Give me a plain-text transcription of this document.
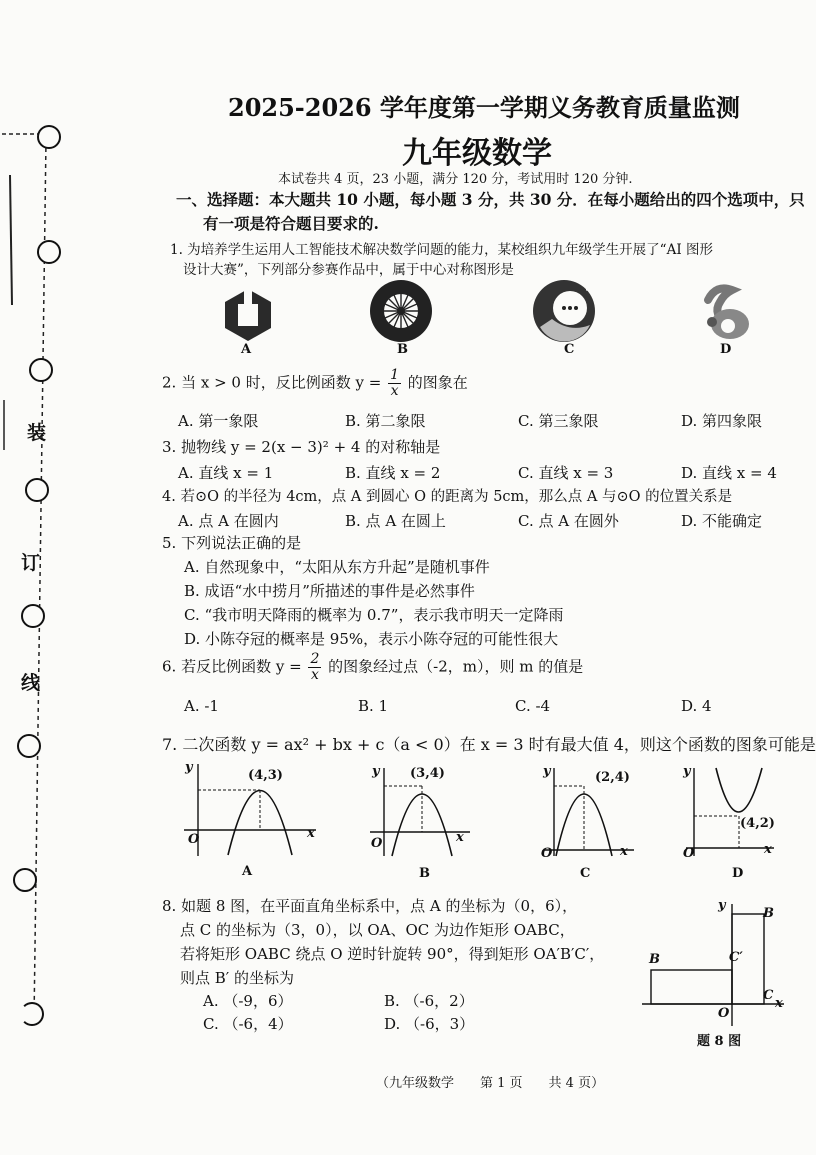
装
订
线
2025-2026 学年度第一学期义务教育质量监测
九年级数学
本试卷共 4 页，23 小题，满分 120 分，考试用时 120 分钟.
一、选择题：本大题共 10 小题，每小题 3 分，共 30 分．在每小题给出的四个选项中，只
有一项是符合题目要求的.
1. 为培养学生运用人工智能技术解决数学问题的能力，某校组织九年级学生开展了“AI 图形
设计大赛”，下列部分参赛作品中，属于中心对称图形是
A	B	C	D
2. 当 x > 0 时，反比例函数 $y = \frac{1}{x}$ 的图象在
A. 第一象限	B. 第二象限	C. 第三象限	D. 第四象限
3. 抛物线 y = 2(x − 3)² + 4 的对称轴是
A. 直线 x = 1	B. 直线 x = 2	C. 直线 x = 3	D. 直线 x = 4
4. 若⊙O 的半径为 4cm，点 A 到圆心 O 的距离为 5cm，那么点 A 与⊙O 的位置关系是
A. 点 A 在圆内	B. 点 A 在圆上	C. 点 A 在圆外	D. 不能确定
5. 下列说法正确的是
A. 自然现象中，“太阳从东方升起”是随机事件
B. 成语“水中捞月”所描述的事件是必然事件
C. “我市明天降雨的概率为 0.7”，表示我市明天一定降雨
D. 小陈夺冠的概率是 95%，表示小陈夺冠的可能性很大
6. 若反比例函数 $y = \frac{2}{x}$ 的图象经过点（-2，m），则 m 的值是
A. -1	B. 1	C. -4	D. 4
7. 二次函数 y = ax² + bx + c（a < 0）在 x = 3 时有最大值 4，则这个函数的图象可能是
y
x
O
(4,3)
A
y
x
O
(3,4)
B
y
x
O
(2,4)
C
y
x
O
(4,2)
D
8. 如题 8 图，在平面直角坐标系中，点 A 的坐标为（0，6），
点 C 的坐标为（3，0），以 OA、OC 为边作矩形 OABC，
若将矩形 OABC 绕点 O 逆时针旋转 90°，得到矩形 OA′B′C′，
则点 B′ 的坐标为
A. （-9，6）	B. （-6，2）
C. （-6，4）	D. （-6，3）
y
x
O
B
B
C
C′
题 8 图
（九年级数学　　第 1 页　　共 4 页）
